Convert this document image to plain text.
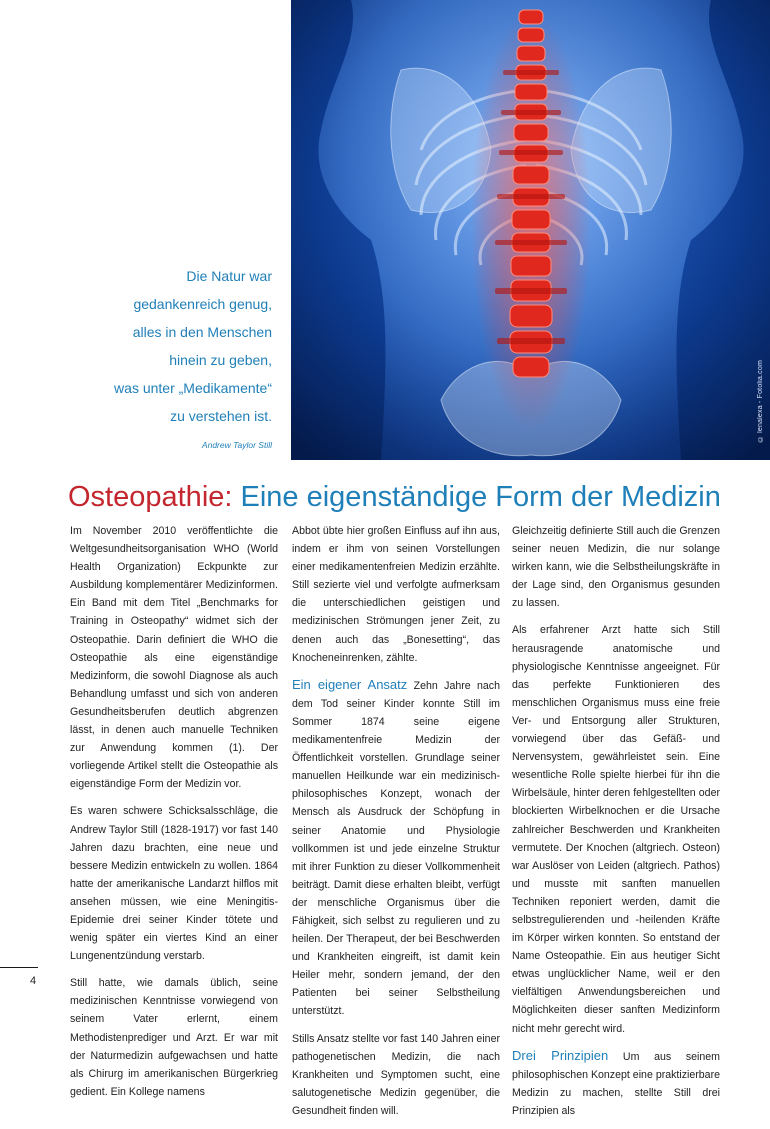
© lenalexa - Fotolia.com

Die Natur war

gedankenreich genug,

alles in den Menschen

hinein zu geben,

was unter „Medikamente“

zu verstehen ist.

Andrew Taylor Still
Osteopathie: Eine eigenständige Form der Medizin

Im November 2010 veröffentlichte die Weltgesundheitsorganisation WHO (World Health Organization) Eckpunkte zur Ausbildung komplementärer Medizinformen. Ein Band mit dem Titel „Benchmarks for Training in Osteopathy“ widmet sich der Osteopathie. Darin definiert die WHO die Osteopathie als eine eigenständige Medizinform, die sowohl Diagnose als auch Behandlung umfasst und sich von anderen Gesundheitsberufen deutlich abgrenzen lässt, in denen auch manuelle Techniken zur Anwendung kommen (1). Der vorliegende Artikel stellt die Osteopathie als eigenständige Form der Medizin vor.

Es waren schwere Schicksalsschläge, die Andrew Taylor Still (1828-1917) vor fast 140 Jahren dazu brachten, eine neue und bessere Medizin entwickeln zu wollen. 1864 hatte der amerikanische Landarzt hilflos mit ansehen müssen, wie eine Meningitis-Epidemie drei seiner Kinder tötete und wenig später ein viertes Kind an einer Lungenentzündung verstarb.

Still hatte, wie damals üblich, seine medizinischen Kenntnisse vorwiegend von seinem Vater erlernt, einem Methodistenprediger und Arzt. Er war mit der Naturmedizin aufgewachsen und hatte als Chirurg im amerikanischen Bürgerkrieg gedient. Ein Kollege namens

Abbot übte hier großen Einfluss auf ihn aus, indem er ihm von seinen Vorstellungen einer medikamentenfreien Medizin erzählte. Still sezierte viel und verfolgte aufmerksam die unterschiedlichen geistigen und medizinischen Strömungen jener Zeit, zu denen auch das „Bonesetting“, das Knocheneinrenken, zählte.

Ein eigener Ansatz Zehn Jahre nach dem Tod seiner Kinder konnte Still im Sommer 1874 seine eigene medikamentenfreie Medizin der Öffentlichkeit vorstellen. Grundlage seiner manuellen Heilkunde war ein medizinisch-philosophisches Konzept, wonach der Mensch als Ausdruck der Schöpfung in seiner Anatomie und Physiologie vollkommen ist und jede einzelne Struktur mit ihrer Funktion zu dieser Vollkommenheit beiträgt. Damit diese erhalten bleibt, verfügt der menschliche Organismus über die Fähigkeit, sich selbst zu regulieren und zu heilen. Der Therapeut, der bei Beschwerden und Krankheiten eingreift, ist damit kein Heiler mehr, sondern jemand, der den Patienten bei seiner Selbstheilung unterstützt.

Stills Ansatz stellte vor fast 140 Jahren einer pathogenetischen Medizin, die nach Krankheiten und Symptomen sucht, eine salutogenetische Medizin gegenüber, die Gesundheit finden will.

Gleichzeitig definierte Still auch die Grenzen seiner neuen Medizin, die nur solange wirken kann, wie die Selbstheilungskräfte in der Lage sind, den Organismus gesunden zu lassen.

Als erfahrener Arzt hatte sich Still herausragende anatomische und physiologische Kenntnisse angeeignet. Für das perfekte Funktionieren des menschlichen Organismus muss eine freie Ver- und Entsorgung aller Strukturen, vorwiegend über das Gefäß- und Nervensystem, gewährleistet sein. Eine wesentliche Rolle spielte hierbei für ihn die Wirbelsäule, hinter deren fehlgestellten oder blockierten Wirbelknochen er die Ursache zahlreicher Beschwerden und Krankheiten vermutete. Der Knochen (altgriech. Osteon) war Auslöser von Leiden (altgriech. Pathos) und musste mit sanften manuellen Techniken reponiert werden, damit die selbstregulierenden und -heilenden Kräfte im Körper wirken konnten. So entstand der Name Osteopathie. Ein aus heutiger Sicht etwas unglücklicher Name, weil er den vielfältigen Anwendungsbereichen und Möglichkeiten dieser sanften Medizinform nicht mehr gerecht wird.

Drei Prinzipien Um aus seinem philosophischen Konzept eine praktizierbare Medizin zu machen, stellte Still drei Prinzipien als

4
